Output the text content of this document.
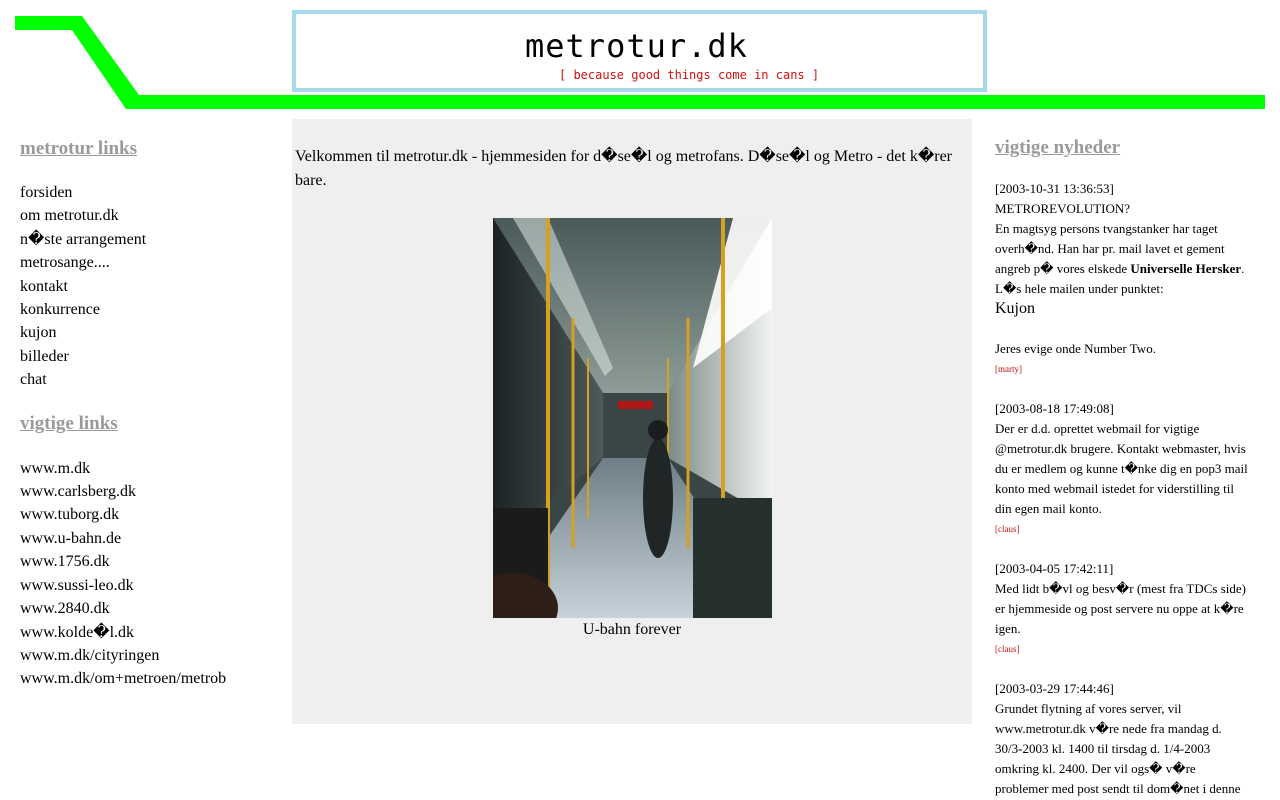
metrotur.dk
[ because good things come in cans ]
metrotur links
forsiden
om metrotur.dk
n�ste arrangement
metrosange....
kontakt
konkurrence
kujon
billeder
chat
vigtige links
www.m.dk
www.carlsberg.dk
www.tuborg.dk
www.u-bahn.de
www.1756.dk
www.sussi-leo.dk
www.2840.dk
www.kolde�l.dk
www.m.dk/cityringen
www.m.dk/om+metroen/metrob
Velkommen til metrotur.dk - hjemmesiden for d�se�l og metrofans. D�se�l og Metro - det k�rer bare.
U-bahn forever
vigtige nyheder
[2003-10-31 13:36:53]
METROREVOLUTION?
En magtsyg persons tvangstanker har taget overh�nd. Han har pr. mail lavet et gement angreb p� vores elskede Universelle Hersker. L�s hele mailen under punktet:
Kujon
Jeres evige onde Number Two.
[marty]
[2003-08-18 17:49:08]
Der er d.d. oprettet webmail for vigtige @metrotur.dk brugere. Kontakt webmaster, hvis du er medlem og kunne t�nke dig en pop3 mail konto med webmail istedet for viderstilling til din egen mail konto.
[claus]
[2003-04-05 17:42:11]
Med lidt b�vl og besv�r (mest fra TDCs side) er hjemmeside og post servere nu oppe at k�re igen.
[claus]
[2003-03-29 17:44:46]
Grundet flytning af vores server, vil www.metrotur.dk v�re nede fra mandag d. 30/3-2003 kl. 1400 til tirsdag d. 1/4-2003 omkring kl. 2400. Der vil ogs� v�re problemer med post sendt til dom�net i denne
